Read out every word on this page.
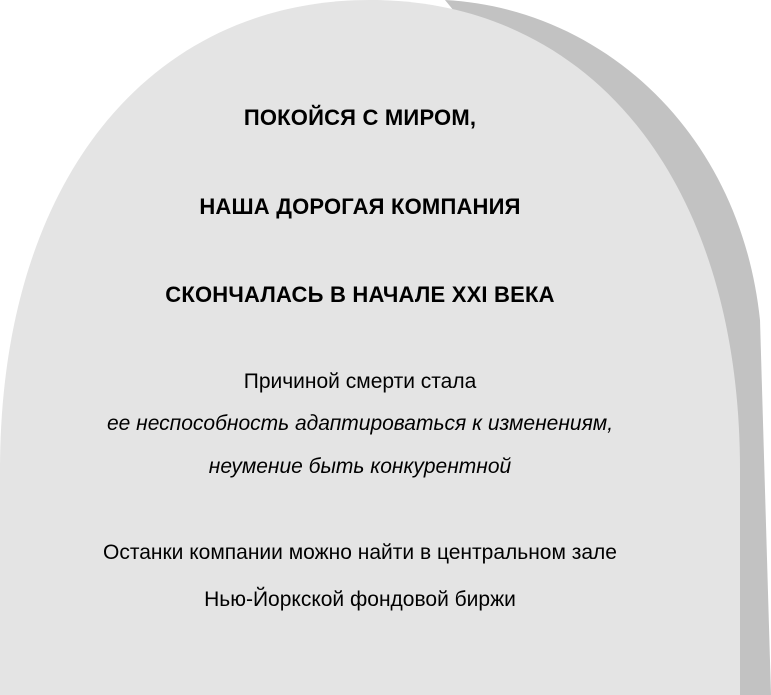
ПОКОЙСЯ С МИРОМ,
НАША ДОРОГАЯ КОМПАНИЯ
СКОНЧАЛАСЬ В НАЧАЛЕ XXI ВЕКА
Причиной смерти стала
ее неспособность адаптироваться к изменениям,
неумение быть конкурентной
Останки компании можно найти в центральном зале
Нью-Йоркской фондовой биржи
